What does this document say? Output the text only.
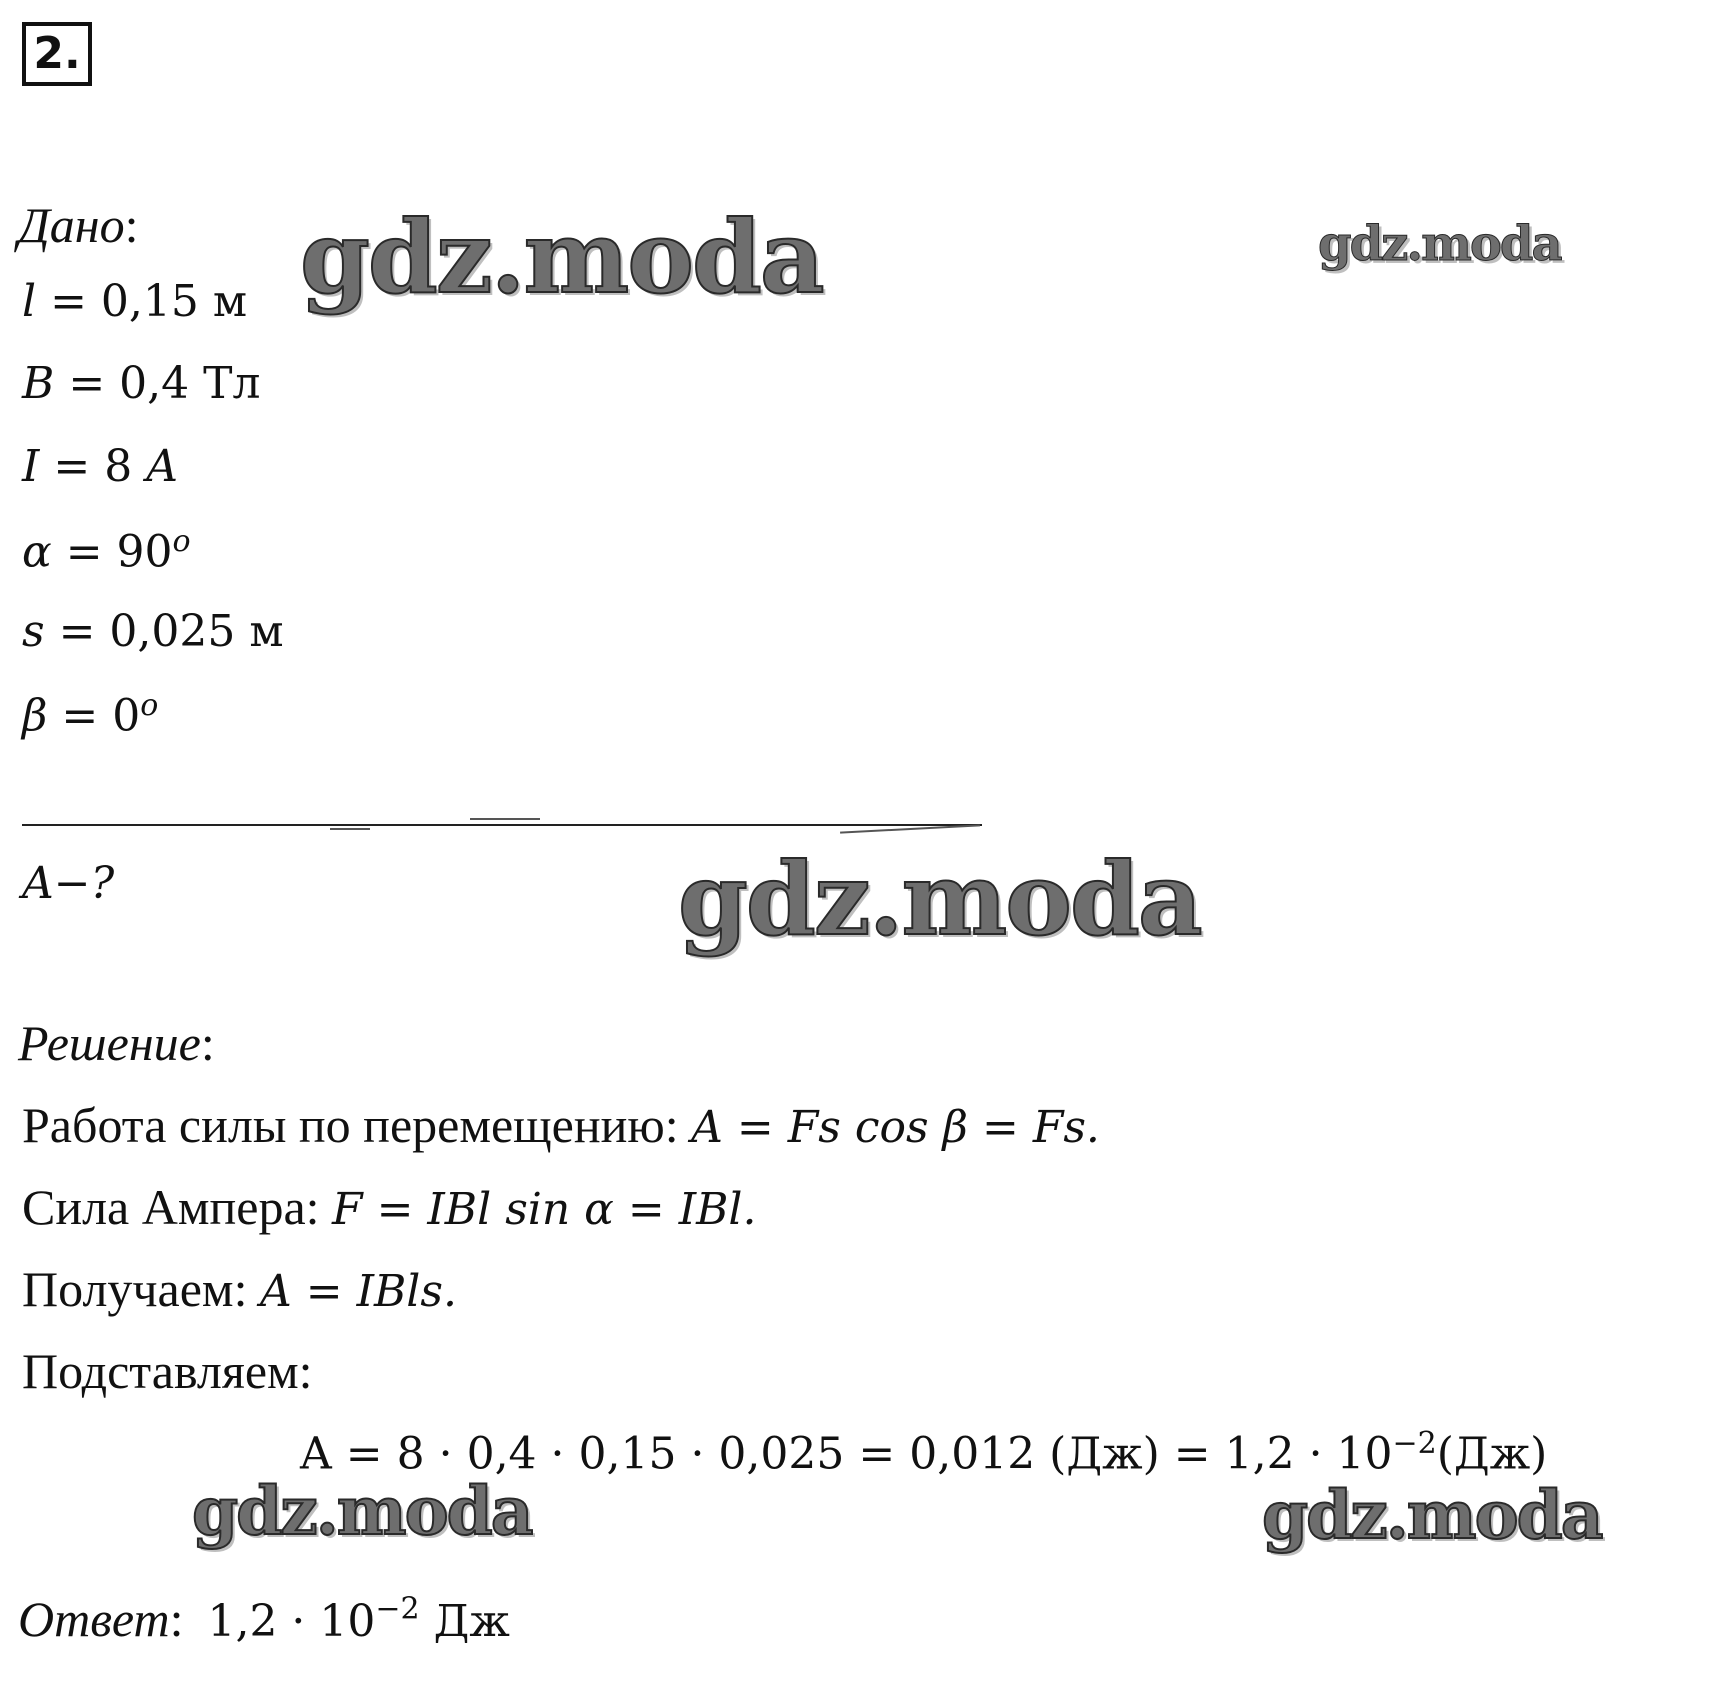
2.
Дано:
l = 0,15 м
B = 0,4 Тл
I = 8 A
$\alpha = 90^o$
s = 0,025 м
$\beta = 0^o$
A−?
Решение:
Работа силы по перемещению: A = Fs cos β = Fs.
Сила Ампера: F = IBl sin α = IBl.
Получаем: A = IBls.
Подставляем:
A = 8 · 0,4 · 0,15 · 0,025 = 0,012 $(Дж) = 1,2 \cdot 10^{-2}(Дж)$
Ответ: $1,2 \cdot 10^{-2}$ Дж
gdz.moda	gdz.moda
gdz.moda
gdz.moda	gdz.moda
